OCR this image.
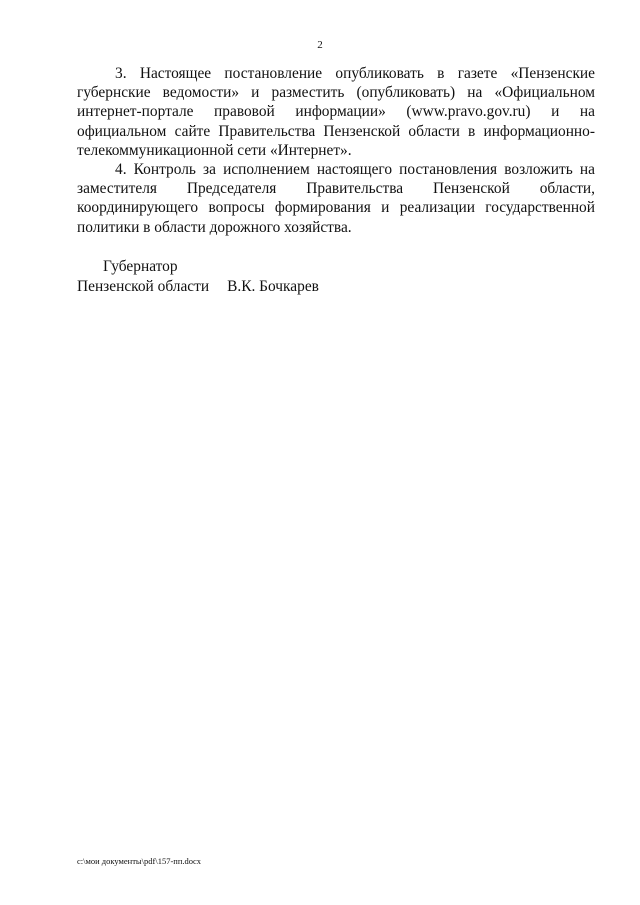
2

3. Настоящее постановление опубликовать в газете «Пензенские губернские ведомости» и разместить (опубликовать) на «Официальном интернет-портале правовой информации» (www.pravo.gov.ru) и на официальном сайте Правительства Пензенской области в информационно-телекоммуникационной сети «Интернет».

4. Контроль за исполнением настоящего постановления возложить на заместителя Председателя Правительства Пензенской области, координирующего вопросы формирования и реализации государственной политики в области дорожного хозяйства.

Губернатор
Пензенской области В.К. Бочкарев
c:\мои документы\pdf\157-пп.docx
